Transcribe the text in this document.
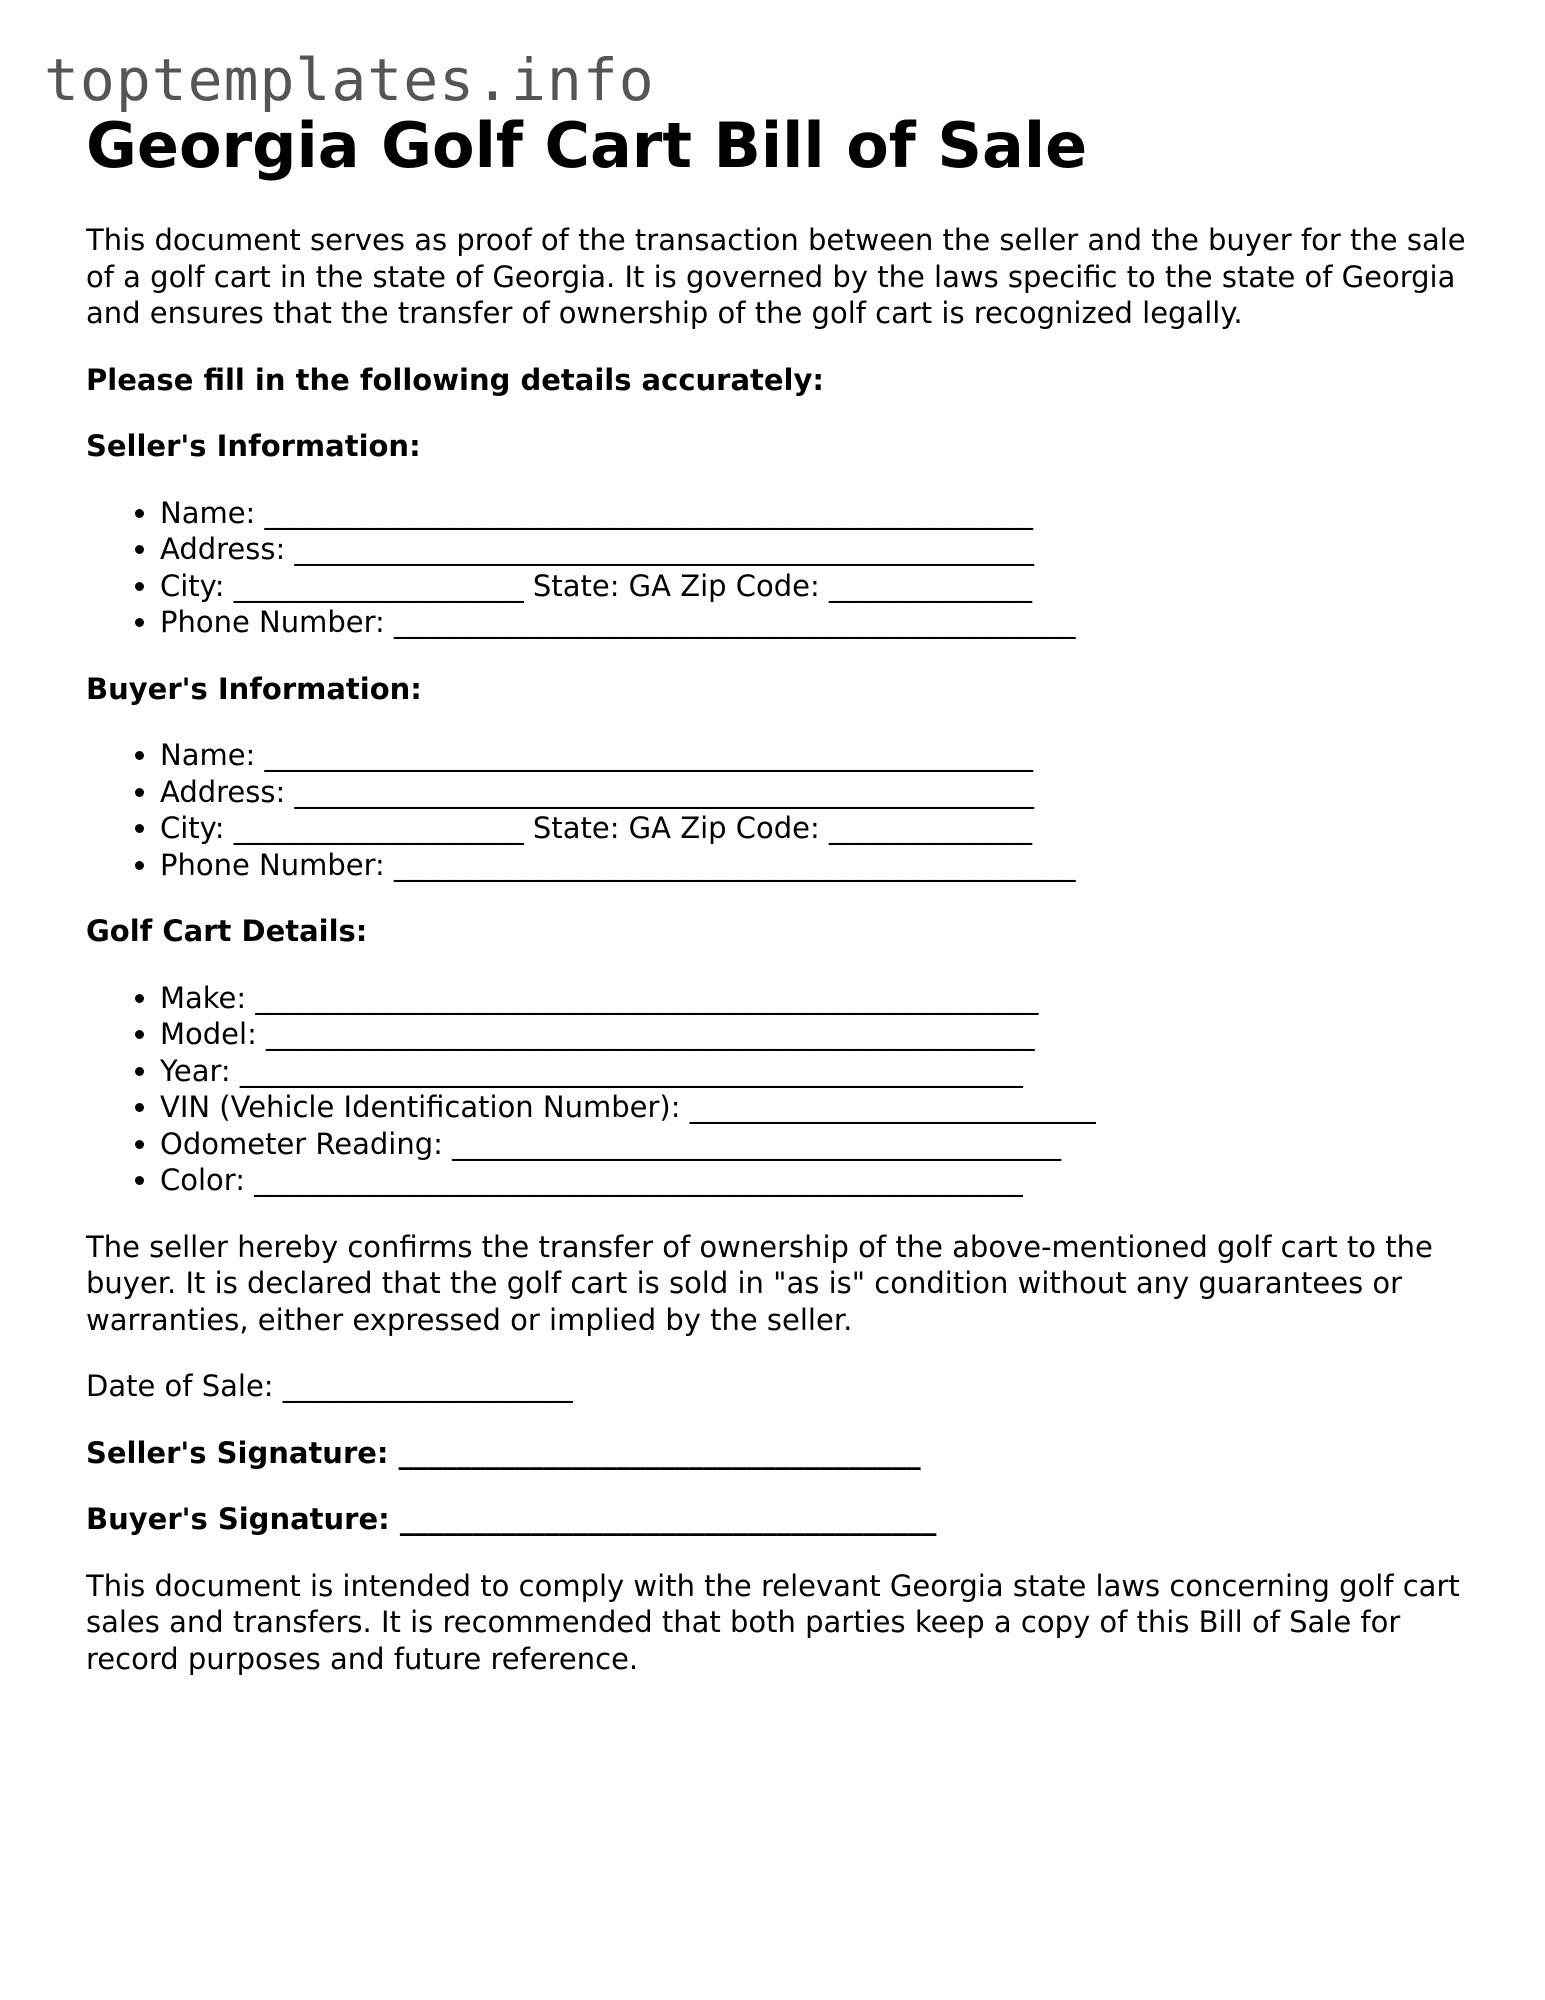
toptemplates.info
Georgia Golf Cart Bill of Sale

This document serves as proof of the transaction between the seller and the buyer for the sale of a golf cart in the state of Georgia. It is governed by the laws specific to the state of Georgia and ensures that the transfer of ownership of the golf cart is recognized legally.

Please fill in the following details accurately:

Seller's Information:

• Name: _____________________________________________________
• Address: ___________________________________________________
• City: ____________________ State: GA Zip Code: ______________
• Phone Number: _______________________________________________

Buyer's Information:

• Name: _____________________________________________________
• Address: ___________________________________________________
• City: ____________________ State: GA Zip Code: ______________
• Phone Number: _______________________________________________

Golf Cart Details:

• Make: ______________________________________________________
• Model: _____________________________________________________
• Year: ______________________________________________________
• VIN (Vehicle Identification Number): ____________________________
• Odometer Reading: __________________________________________
• Color: _____________________________________________________

The seller hereby confirms the transfer of ownership of the above-mentioned golf cart to the buyer. It is declared that the golf cart is sold in "as is" condition without any guarantees or warranties, either expressed or implied by the seller.

Date of Sale: ____________________

Seller's Signature: ____________________________________

Buyer's Signature: _____________________________________

This document is intended to comply with the relevant Georgia state laws concerning golf cart sales and transfers. It is recommended that both parties keep a copy of this Bill of Sale for record purposes and future reference.
